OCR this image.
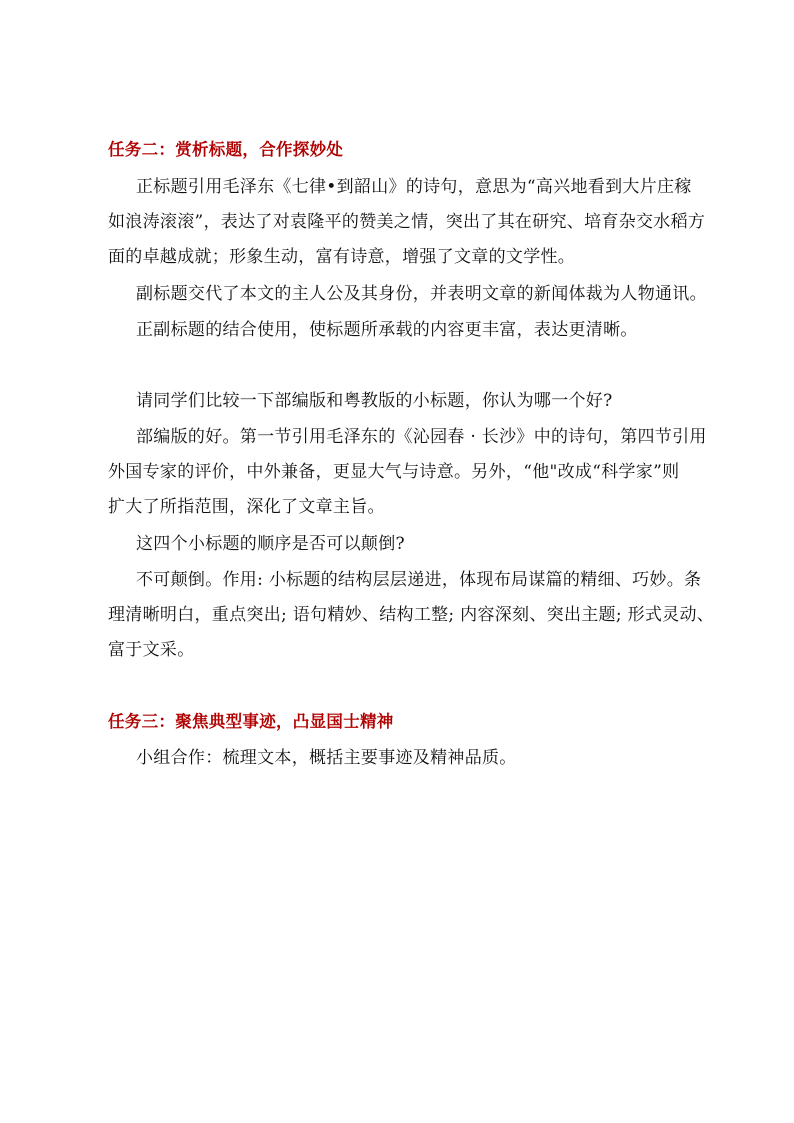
任务二：赏析标题，合作探妙处
正标题引用毛泽东《七律•到韶山》的诗句，意思为“高兴地看到大片庄稼
如浪涛滚滚”，表达了对袁隆平的赞美之情，突出了其在研究、培育杂交水稻方
面的卓越成就；形象生动，富有诗意，增强了文章的文学性。
副标题交代了本文的主人公及其身份，并表明文章的新闻体裁为人物通讯。
正副标题的结合使用，使标题所承载的内容更丰富，表达更清晰。
请同学们比较一下部编版和粤教版的小标题，你认为哪一个好?
部编版的好。第一节引用毛泽东的《沁园春 · 长沙》中的诗句，第四节引用
外国专家的评价，中外兼备，更显大气与诗意。另外，“他"改成“科学家”则
扩大了所指范围，深化了文章主旨。
这四个小标题的顺序是否可以颠倒?
不可颠倒。作用: 小标题的结构层层递进，体现布局谋篇的精细、巧妙。条
理清晰明白，重点突出; 语句精妙、结构工整; 内容深刻、突出主题; 形式灵动、
富于文采。
任务三：聚焦典型事迹，凸显国士精神
小组合作：梳理文本，概括主要事迹及精神品质。
